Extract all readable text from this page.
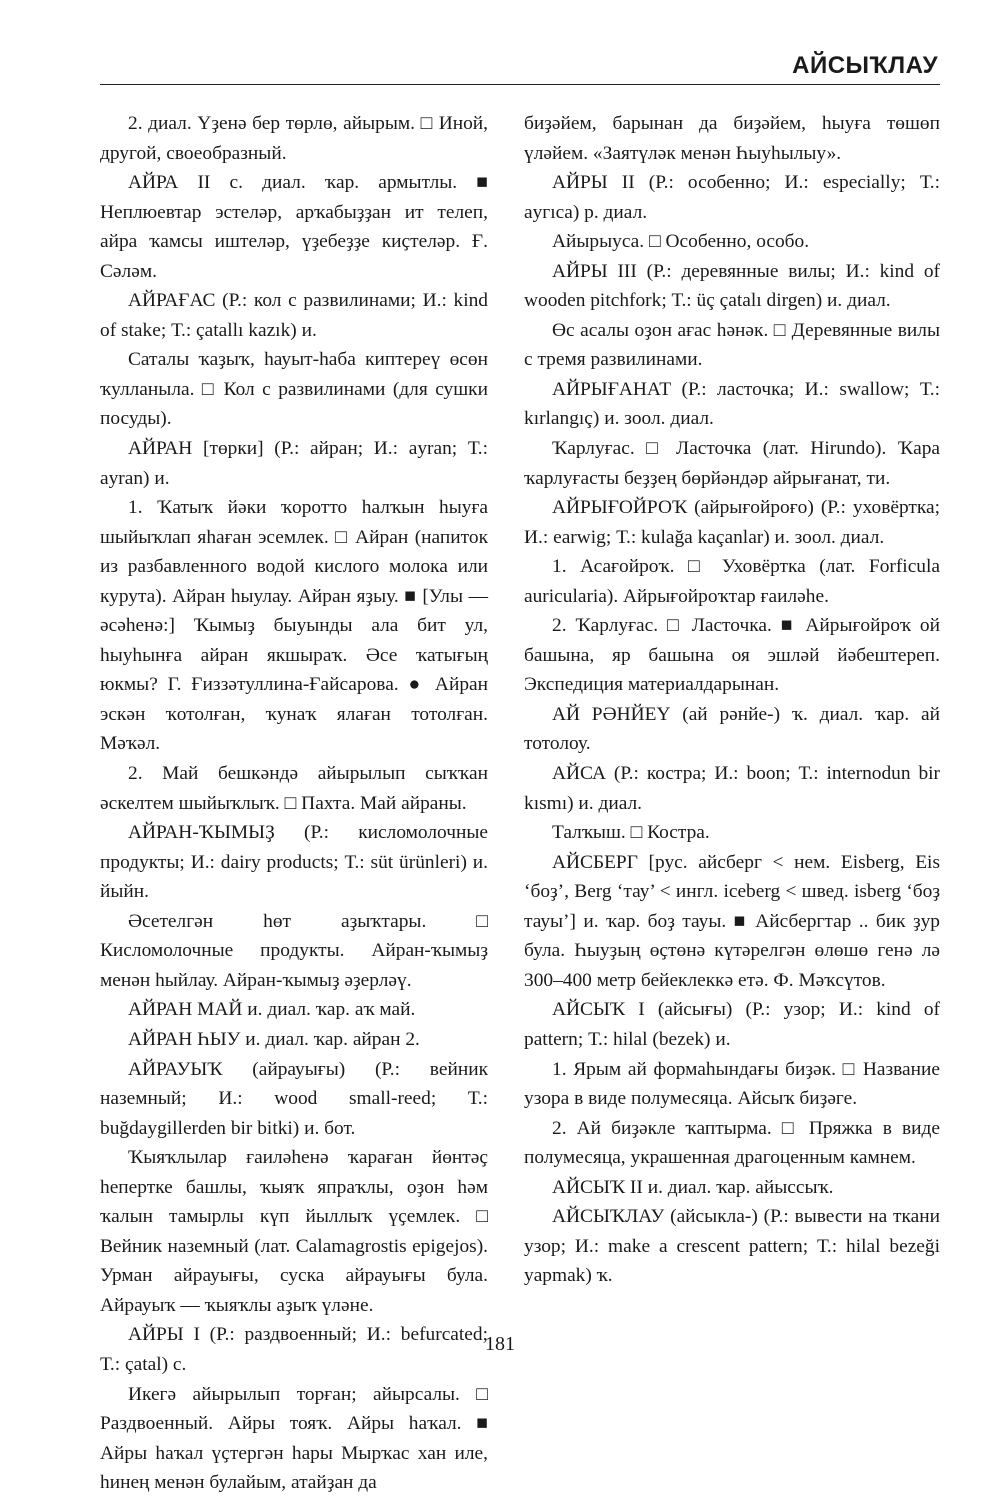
АЙСЫҠЛАУ

2. диал. Үҙенә бер төрлө, айырым. □ Иной, другой, своеобразный.

АЙРА II с. диал. ҡар. армытлы. ■ Неплюевтар эстеләр, арҡабыҙҙан ит телеп, айра ҡамсы иштеләр, үҙебеҙҙе киҫтеләр. Ғ. Сәләм.

АЙРАҒАС (Р.: кол с развилинами; И.: kind of stake; Т.: çatallı kazık) и.

Саталы ҡаҙыҡ, һауыт-һаба киптереү өсөн ҡулланыла. □ Кол с развилинами (для сушки посуды).

АЙРАН [төрки] (Р.: айран; И.: ayran; Т.: ayran) и.

1. Ҡатыҡ йәки ҡоротто һалҡын һыуға шыйыҡлап яһаған эсемлек. □ Айран (напиток из разбавленного водой кислого молока или курута). Айран һыулау. Айран яҙыу. ■ [Улы — әсәһенә:] Ҡымыҙ быуынды ала бит ул, һыуһынға айран якшыраҡ. Әсе ҡатығың юкмы? Г. Ғиззәтуллина-Ғайсарова. ● Айран эскән ҡотолған, ҡунаҡ ялаған тотолған. Мәҡәл.

2. Май бешкәндә айырылып сыҡҡан әскелтем шыйыҡлыҡ. □ Пахта. Май айраны.

АЙРАН-ҠЫМЫҘ (Р.: кисломолочные продукты; И.: dairy products; Т.: süt ürünleri) и. йыйн.

Әсетелгән һөт аҙыҡтары. □ Кисломолочные продукты. Айран-ҡымыҙ менән һыйлау. Айран-ҡымыҙ әҙерләү.

АЙРАН МАЙ и. диал. ҡар. аҡ май.

АЙРАН ҺЫУ и. диал. ҡар. айран 2.

АЙРАУЫҠ (айрауығы) (Р.: вейник наземный; И.: wood small-reed; Т.: buğdaygillerden bir bitki) и. бот.

Ҡыяҡлылар ғаиләһенә ҡараған йөнтәҫ һепертке башлы, ҡыяҡ япраҡлы, оҙон һәм ҡалын тамырлы күп йыллыҡ үҫемлек. □ Вейник наземный (лат. Calamagrostis epigejos). Урман айрауығы, суска айрауығы була. Айрауыҡ — ҡыяҡлы аҙыҡ үләне.

АЙРЫ I (Р.: раздвоенный; И.: befurcated; Т.: çatal) с.

Икегә айырылып торған; айырсалы. □ Раздвоенный. Айры тояҡ. Айры һаҡал. ■ Айры һаҡал үҫтергән һары Мырҡас хан иле, һинең менән булайым, атайҙан да

биҙәйем, барынан да биҙәйем, һыуға төшөп үләйем. «Заятүләк менән Һыуһылыу».

АЙРЫ II (Р.: особенно; И.: especially; Т.: aугıca) р. диал.

Айырыуса. □ Особенно, особо.

АЙРЫ III (Р.: деревянные вилы; И.: kind of wooden pitchfork; Т.: üç çatalı dirgen) и. диал.

Өс асалы оҙон ағас һәнәк. □ Деревянные вилы с тремя развилинами.

АЙРЫҒАНАТ (Р.: ласточка; И.: swallow; Т.: kırlangıç) и. зоол. диал.

Ҡарлуғас. □ Ласточка (лат. Hirundo). Ҡара ҡарлуғасты беҙҙең бөрйәндәр айрығанат, ти.

АЙРЫҒОЙРОҠ (айрығойроғо) (Р.: уховёртка; И.: earwig; Т.: kulağa kaçanlar) и. зоол. диал.

1. Асағойроҡ. □ Уховёртка (лат. Forficula auricularia). Айрығойроҡтар ғаиләһе.

2. Ҡарлуғас. □ Ласточка. ■ Айрығойроҡ ой башына, яр башына оя эшләй йәбештереп. Экспедиция материалдарынан.

АЙ РӘНЙЕҮ (ай рәнйе-) ҡ. диал. ҡар. ай тотолоу.

АЙСА (Р.: костра; И.: boon; Т.: internodun bir kısmı) и. диал.

Талҡыш. □ Костра.

АЙСБЕРГ [рус. айсберг < нем. Eisberg, Eis ‘боҙ’, Berg ‘тау’ < ингл. iceberg < швед. isberg ‘боҙ тауы’] и. ҡар. боҙ тауы. ■ Айсбергтар .. бик ҙур була. Һыуҙың өҫтөнә күтәрелгән өлөшө генә лә 300–400 метр бейеклеккә етә. Ф. Мәҡсүтов.

АЙСЫҠ I (айсығы) (Р.: узор; И.: kind of pattern; Т.: hilal (bezek) и.

1. Ярым ай формаһындағы биҙәк. □ Название узора в виде полумесяца. Айсыҡ биҙәге.

2. Ай биҙәкле ҡаптырма. □ Пряжка в виде полумесяца, украшенная драгоценным камнем.

АЙСЫҠ II и. диал. ҡар. айыссыҡ.

АЙСЫҠЛАУ (айсыкла-) (Р.: вывести на ткани узор; И.: make a crescent pattern; Т.: hilal bezeği yapmak) ҡ.

181
